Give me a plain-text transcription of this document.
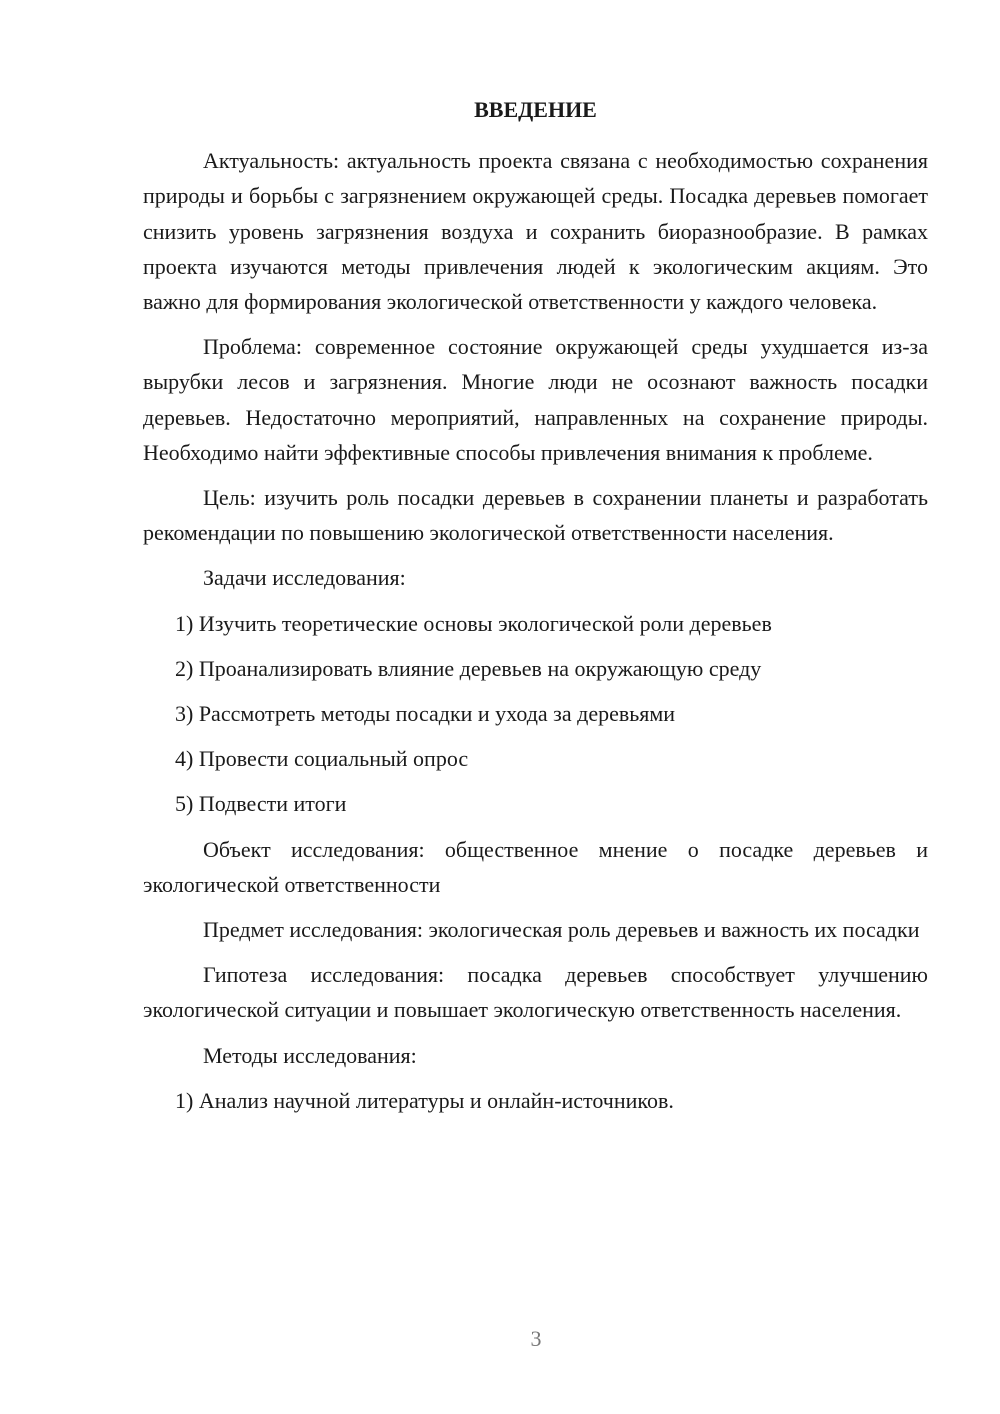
ВВЕДЕНИЕ

Актуальность: актуальность проекта связана с необходимостью сохранения природы и борьбы с загрязнением окружающей среды. Посадка деревьев помогает снизить уровень загрязнения воздуха и сохранить биоразнообразие. В рамках проекта изучаются методы привлечения людей к экологическим акциям. Это важно для формирования экологической ответственности у каждого человека.

Проблема: современное состояние окружающей среды ухудшается из-за вырубки лесов и загрязнения. Многие люди не осознают важность посадки деревьев. Недостаточно мероприятий, направленных на сохранение природы. Необходимо найти эффективные способы привлечения внимания к проблеме.

Цель: изучить роль посадки деревьев в сохранении планеты и разработать рекомендации по повышению экологической ответственности населения.

Задачи исследования:

1) Изучить теоретические основы экологической роли деревьев

2) Проанализировать влияние деревьев на окружающую среду

3) Рассмотреть методы посадки и ухода за деревьями

4) Провести социальный опрос

5) Подвести итоги

Объект исследования: общественное мнение о посадке деревьев и экологической ответственности

Предмет исследования: экологическая роль деревьев и важность их посадки

Гипотеза исследования: посадка деревьев способствует улучшению экологической ситуации и повышает экологическую ответственность населения.

Методы исследования:

1) Анализ научной литературы и онлайн-источников.

3
